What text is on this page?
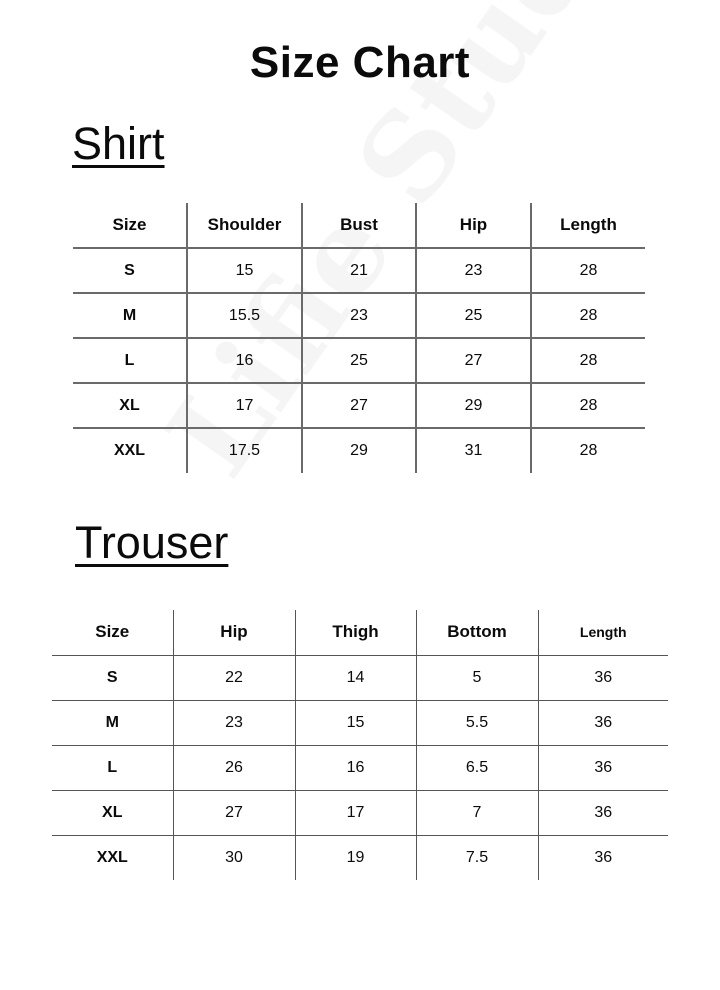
Size Chart
Shirt
Size	Shoulder	Bust	Hip	Length
S	15	21	23	28
M	15.5	23	25	28
L	16	25	27	28
XL	17	27	29	28
XXL	17.5	29	31	28
Trouser
Size	Hip	Thigh	Bottom	Length
S	22	14	5	36
M	23	15	5.5	36
L	26	16	6.5	36
XL	27	17	7	36
XXL	30	19	7.5	36
